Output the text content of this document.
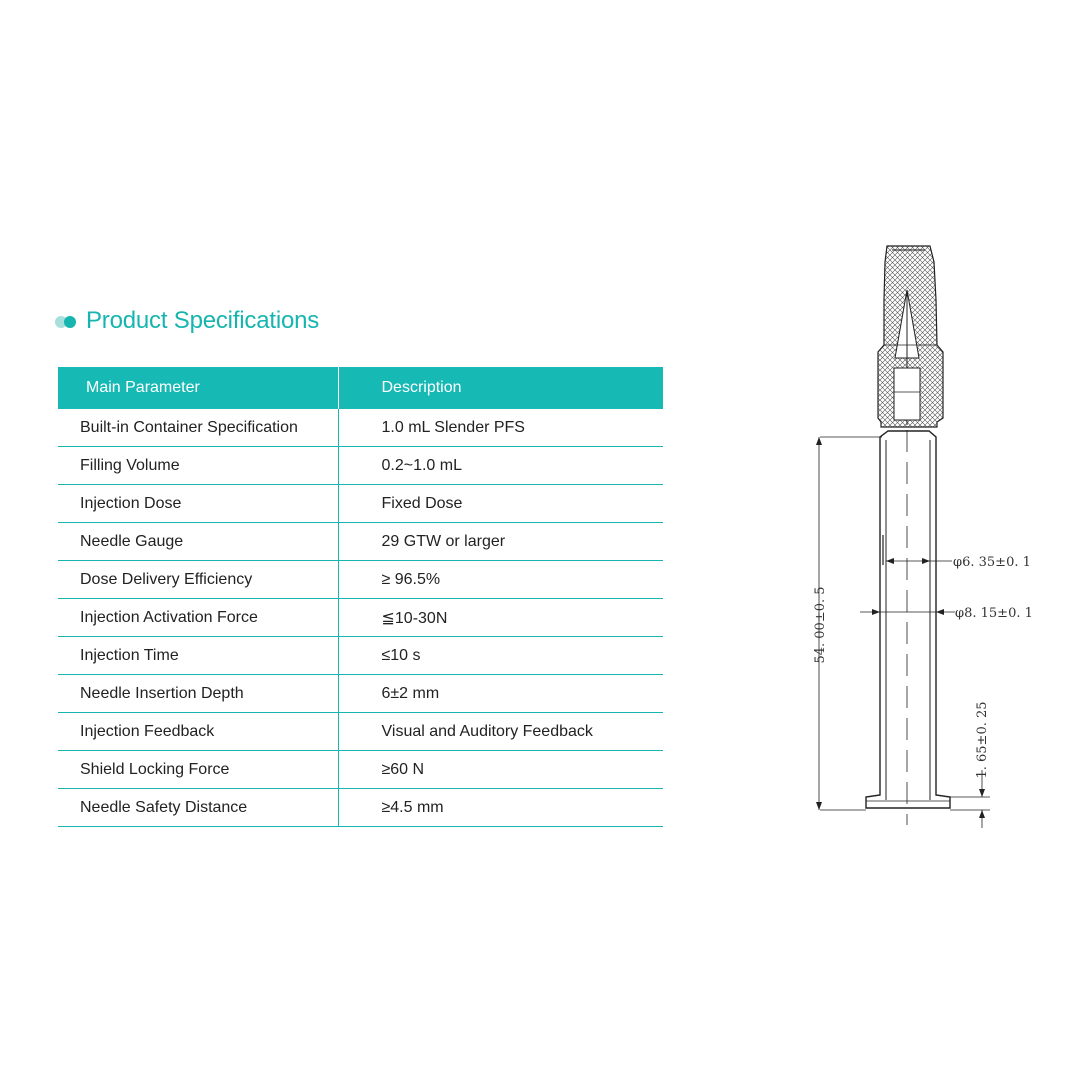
Product Specifications
Main Parameter	Description
Built-in Container Specification	1.0 mL Slender PFS
Filling Volume	0.2~1.0 mL
Injection Dose	Fixed Dose
Needle Gauge	29 GTW or larger
Dose Delivery Efficiency	≥ 96.5%
Injection Activation Force	≦10-30N
Injection Time	≤10 s
Needle Insertion Depth	6±2 mm
Injection Feedback	Visual and Auditory Feedback
Shield Locking Force	≥60 N
Needle Safety Distance	≥4.5 mm
54. 00±0. 5
φ6. 35±0. 1
φ8. 15±0. 1
1. 65±0. 25
